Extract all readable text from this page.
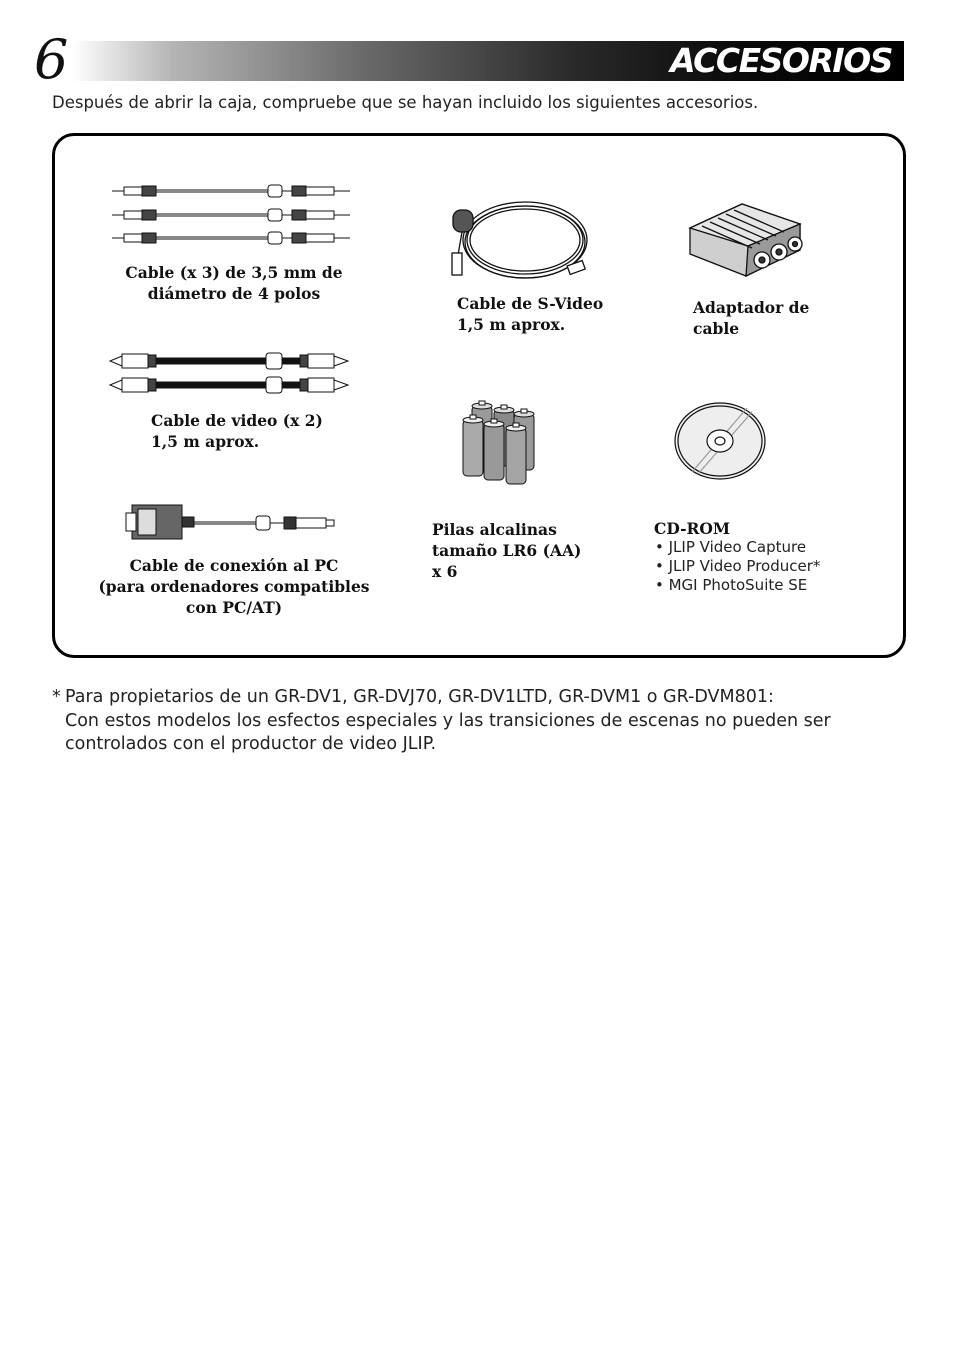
6	ACCESORIOS
Después de abrir la caja, compruebe que se hayan incluido los siguientes accesorios.
Cable (x 3) de 3,5 mm de
diámetro de 4 polos
Cable de S-Video
1,5 m aprox.
Adaptador de
cable
Cable de video (x 2)
1,5 m aprox.
Pilas alcalinas
tamaño LR6 (AA)
x 6
CD-ROM
• JLIP Video Capture
• JLIP Video Producer*
• MGI PhotoSuite SE
Cable de conexión al PC
(para ordenadores compatibles
con PC/AT)
* Para propietarios de un GR-DV1, GR-DVJ70, GR-DV1LTD, GR-DVM1 o GR-DVM801:
Con estos modelos los esfectos especiales y las transiciones de escenas no pueden ser
controlados con el productor de video JLIP.
